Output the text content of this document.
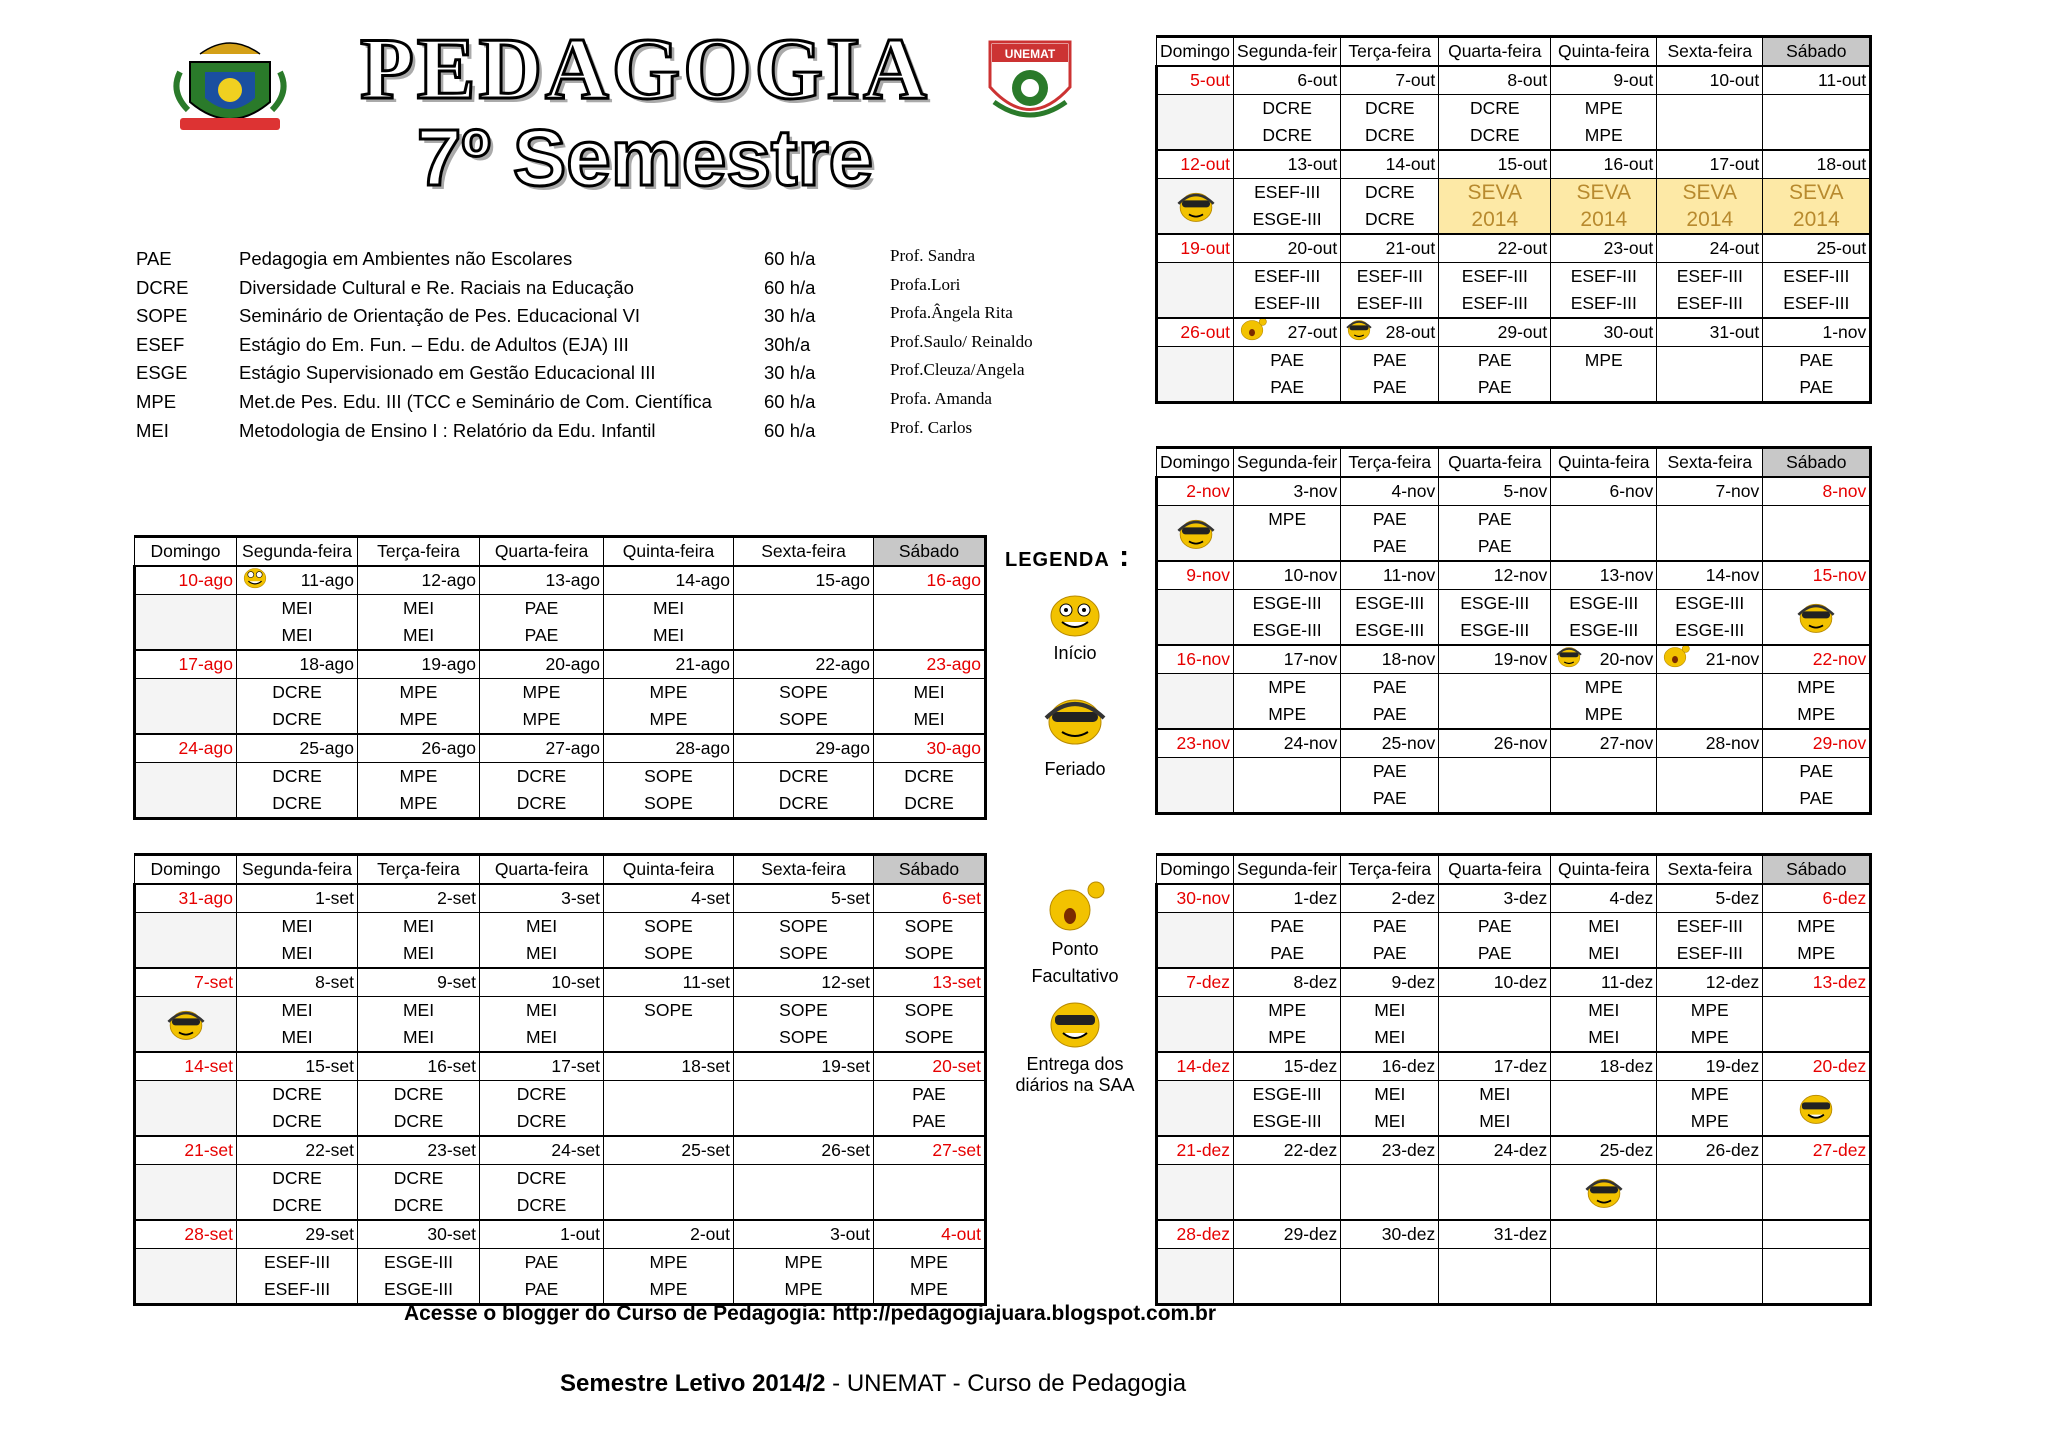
PEDAGOGIA
7º Semestre
UNEMAT
PAE	Pedagogia em Ambientes não Escolares	60 h/a	Prof. Sandra
DCRE	Diversidade Cultural e Re. Raciais na Educação	60 h/a	Profa.Lori
SOPE	Seminário de Orientação de Pes. Educacional VI	30 h/a	Profa.Ângela Rita
ESEF	Estágio do Em. Fun. – Edu. de Adultos (EJA) III	30h/a	Prof.Saulo/ Reinaldo
ESGE	Estágio Supervisionado em Gestão Educacional III	30 h/a	Prof.Cleuza/Angela
MPE	Met.de Pes. Edu. III (TCC e Seminário de Com. Científica	60 h/a	Profa. Amanda
MEI	Metodologia de Ensino I : Relatório da Edu. Infantil	60 h/a	Prof. Carlos
LEGENDA :
Início
Feriado
Ponto
Facultativo
Entrega dos
diários na SAA
Domingo	Segunda-feira	Terça-feira	Quarta-feira	Quinta-feira	Sexta-feira	Sábado
10-ago	11-ago	12-ago	13-ago	14-ago	15-ago	16-ago
	MEI	MEI	PAE	MEI		
	MEI	MEI	PAE	MEI		
17-ago	18-ago	19-ago	20-ago	21-ago	22-ago	23-ago
	DCRE	MPE	MPE	MPE	SOPE	MEI
	DCRE	MPE	MPE	MPE	SOPE	MEI
24-ago	25-ago	26-ago	27-ago	28-ago	29-ago	30-ago
	DCRE	MPE	DCRE	SOPE	DCRE	DCRE
	DCRE	MPE	DCRE	SOPE	DCRE	DCRE
Domingo	Segunda-feira	Terça-feira	Quarta-feira	Quinta-feira	Sexta-feira	Sábado
31-ago	1-set	2-set	3-set	4-set	5-set	6-set
	MEI	MEI	MEI	SOPE	SOPE	SOPE
	MEI	MEI	MEI	SOPE	SOPE	SOPE
7-set	8-set	9-set	10-set	11-set	12-set	13-set
	MEI	MEI	MEI	SOPE	SOPE	SOPE
	MEI	MEI	MEI		SOPE	SOPE
14-set	15-set	16-set	17-set	18-set	19-set	20-set
	DCRE	DCRE	DCRE			PAE
	DCRE	DCRE	DCRE			PAE
21-set	22-set	23-set	24-set	25-set	26-set	27-set
	DCRE	DCRE	DCRE			
	DCRE	DCRE	DCRE			
28-set	29-set	30-set	1-out	2-out	3-out	4-out
	ESEF-III	ESGE-III	PAE	MPE	MPE	MPE
	ESEF-III	ESGE-III	PAE	MPE	MPE	MPE
Domingo	Segunda-feir	Terça-feira	Quarta-feira	Quinta-feira	Sexta-feira	Sábado
5-out	6-out	7-out	8-out	9-out	10-out	11-out
	DCRE	DCRE	DCRE	MPE		
	DCRE	DCRE	DCRE	MPE		
12-out	13-out	14-out	15-out	16-out	17-out	18-out
	ESEF-III	DCRE	SEVA	SEVA	SEVA	SEVA
	ESGE-III	DCRE	2014	2014	2014	2014
19-out	20-out	21-out	22-out	23-out	24-out	25-out
	ESEF-III	ESEF-III	ESEF-III	ESEF-III	ESEF-III	ESEF-III
	ESEF-III	ESEF-III	ESEF-III	ESEF-III	ESEF-III	ESEF-III
26-out	27-out	28-out	29-out	30-out	31-out	1-nov
	PAE	PAE	PAE	MPE		PAE
	PAE	PAE	PAE			PAE
Domingo	Segunda-feir	Terça-feira	Quarta-feira	Quinta-feira	Sexta-feira	Sábado
2-nov	3-nov	4-nov	5-nov	6-nov	7-nov	8-nov
	MPE	PAE	PAE			
		PAE	PAE			
9-nov	10-nov	11-nov	12-nov	13-nov	14-nov	15-nov
	ESGE-III	ESGE-III	ESGE-III	ESGE-III	ESGE-III	
	ESGE-III	ESGE-III	ESGE-III	ESGE-III	ESGE-III	
16-nov	17-nov	18-nov	19-nov	20-nov	21-nov	22-nov
	MPE	PAE		MPE		MPE
	MPE	PAE		MPE		MPE
23-nov	24-nov	25-nov	26-nov	27-nov	28-nov	29-nov
		PAE				PAE
		PAE				PAE
Domingo	Segunda-feir	Terça-feira	Quarta-feira	Quinta-feira	Sexta-feira	Sábado
30-nov	1-dez	2-dez	3-dez	4-dez	5-dez	6-dez
	PAE	PAE	PAE	MEI	ESEF-III	MPE
	PAE	PAE	PAE	MEI	ESEF-III	MPE
7-dez	8-dez	9-dez	10-dez	11-dez	12-dez	13-dez
	MPE	MEI		MEI	MPE	
	MPE	MEI		MEI	MPE	
14-dez	15-dez	16-dez	17-dez	18-dez	19-dez	20-dez
	ESGE-III	MEI	MEI		MPE	
	ESGE-III	MEI	MEI		MPE	
21-dez	22-dez	23-dez	24-dez	25-dez	26-dez	27-dez

28-dez	29-dez	30-dez	31-dez			

Acesse o blogger do Curso de Pedagogia: http://pedagogiajuara.blogspot.com.br
Semestre Letivo 2014/2 - UNEMAT - Curso de Pedagogia
